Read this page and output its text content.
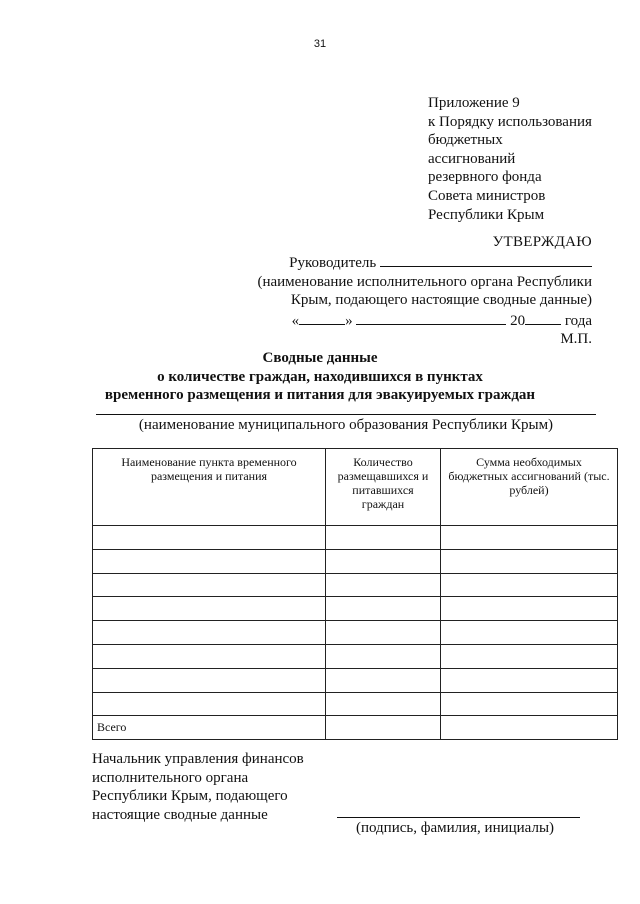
31
Приложение 9
к Порядку использования
бюджетных
ассигнований
резервного фонда
Совета министров
Республики Крым
УТВЕРЖДАЮ
Руководитель
(наименование исполнительного органа Республики
Крым, подающего настоящие сводные данные)
«	»	20	года
М.П.
Сводные данные
о количестве граждан, находившихся в пунктах
временного размещения и питания для эвакуируемых граждан
(наименование муниципального образования Республики Крым)
Наименование пункта временного размещения и питания	Количество размещавшихся и питавшихся граждан	Сумма необходимых бюджетных ассигнований (тыс. рублей)

Всего		
Начальник управления финансов
исполнительного органа
Республики Крым, подающего
настоящие сводные данные
(подпись, фамилия, инициалы)
